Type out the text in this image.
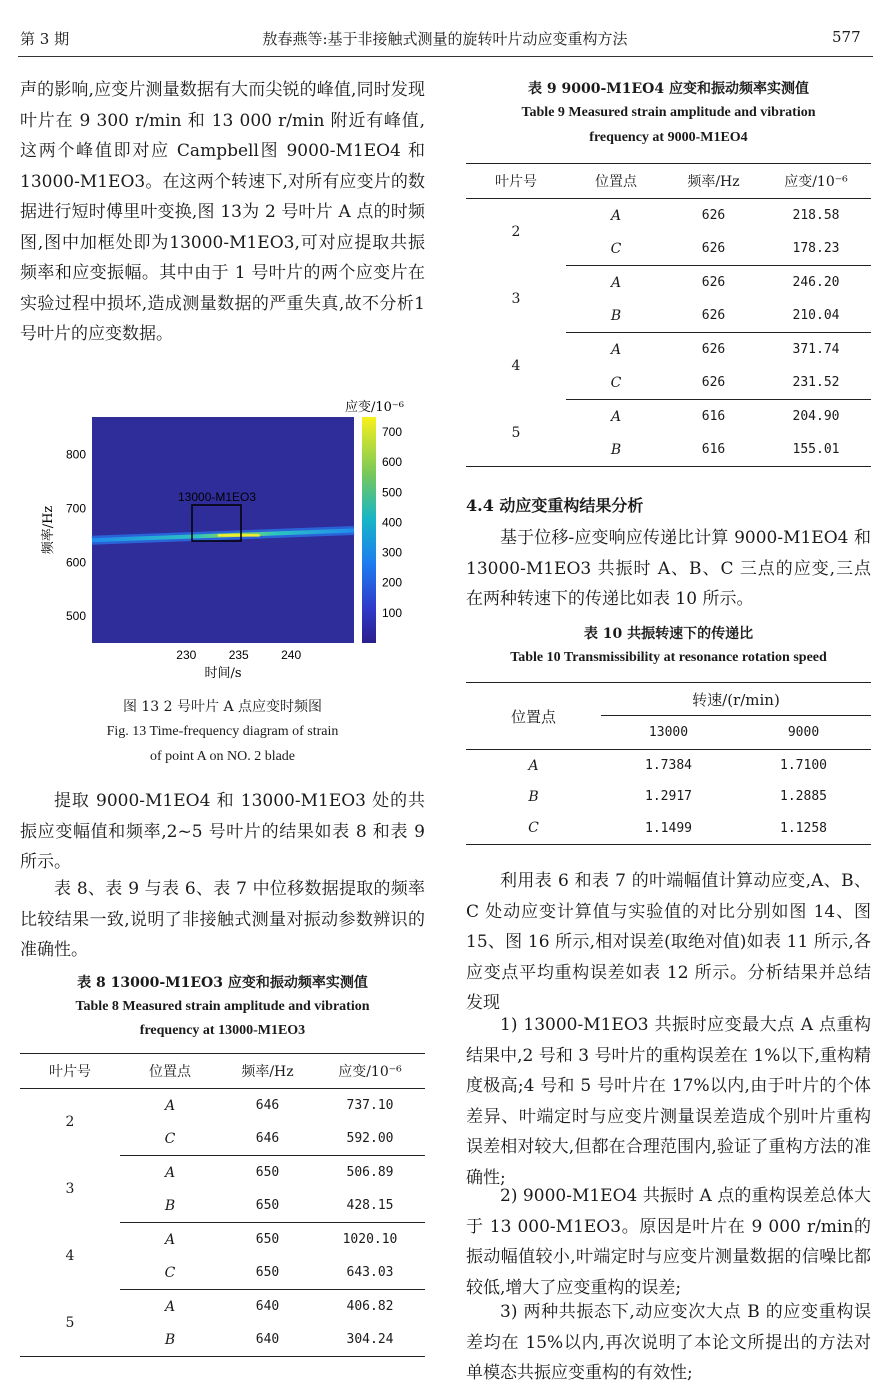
第 3 期	敖春燕等:基于非接触式测量的旋转叶片动应变重构方法	577

声的影响,应变片测量数据有大而尖锐的峰值,同时发现叶片在 9 300 r/min 和 13 000 r/min 附近有峰值,这两个峰值即对应 Campbell图 9000-M1EO4 和13000-M1EO3。在这两个转速下,对所有应变片的数据进行短时傅里叶变换,图 13为 2 号叶片 A 点的时频图,图中加框处即为13000-M1EO3,可对应提取共振频率和应变振幅。其中由于 1 号叶片的两个应变片在实验过程中损坏,造成测量数据的严重失真,故不分析1 号叶片的应变数据。

13000-M1EO3
800
700
600
500
230	235	240
频率/Hz
时间/s
应变/10⁻⁶
700
600
500
400
300
200
100
图 13 2 号叶片 A 点应变时频图
Fig. 13 Time-frequency diagram of strain
of point A on NO. 2 blade

提取 9000-M1EO4 和 13000-M1EO3 处的共振应变幅值和频率,2~5 号叶片的结果如表 8 和表 9 所示。

表 8、表 9 与表 6、表 7 中位移数据提取的频率比较结果一致,说明了非接触式测量对振动参数辨识的准确性。

表 8 13000-M1EO3 应变和振动频率实测值
Table 8 Measured strain amplitude and vibration
frequency at 13000-M1EO3
叶片号	位置点	频率/Hz	应变/10⁻⁶
2	A	646	737.10
	C	646	592.00
3	A	650	506.89
	B	650	428.15
4	A	650	1020.10
	C	650	643.03
5	A	640	406.82
	B	640	304.24
表 9 9000-M1EO4 应变和振动频率实测值
Table 9 Measured strain amplitude and vibration
frequency at 9000-M1EO4
叶片号	位置点	频率/Hz	应变/10⁻⁶
2	A	626	218.58
	C	626	178.23
3	A	626	246.20
	B	626	210.04
4	A	626	371.74
	C	626	231.52
5	A	616	204.90
	B	616	155.01
4.4 动应变重构结果分析

基于位移-应变响应传递比计算 9000-M1EO4 和 13000-M1EO3 共振时 A、B、C 三点的应变,三点在两种转速下的传递比如表 10 所示。

表 10 共振转速下的传递比
Table 10 Transmissibility at resonance rotation speed
位置点	转速/(r/min)	
	13000	9000
A	1.7384	1.7100
B	1.2917	1.2885
C	1.1499	1.1258

利用表 6 和表 7 的叶端幅值计算动应变,A、B、C 处动应变计算值与实验值的对比分别如图 14、图 15、图 16 所示,相对误差(取绝对值)如表 11 所示,各应变点平均重构误差如表 12 所示。分析结果并总结发现

1) 13000-M1EO3 共振时应变最大点 A 点重构结果中,2 号和 3 号叶片的重构误差在 1%以下,重构精度极高;4 号和 5 号叶片在 17%以内,由于叶片的个体差异、叶端定时与应变片测量误差造成个别叶片重构误差相对较大,但都在合理范围内,验证了重构方法的准确性;

2) 9000-M1EO4 共振时 A 点的重构误差总体大于 13 000-M1EO3。原因是叶片在 9 000 r/min的振动幅值较小,叶端定时与应变片测量数据的信噪比都较低,增大了应变重构的误差;

3) 两种共振态下,动应变次大点 B 的应变重构误差均在 15%以内,再次说明了本论文所提出的方法对单模态共振应变重构的有效性;
